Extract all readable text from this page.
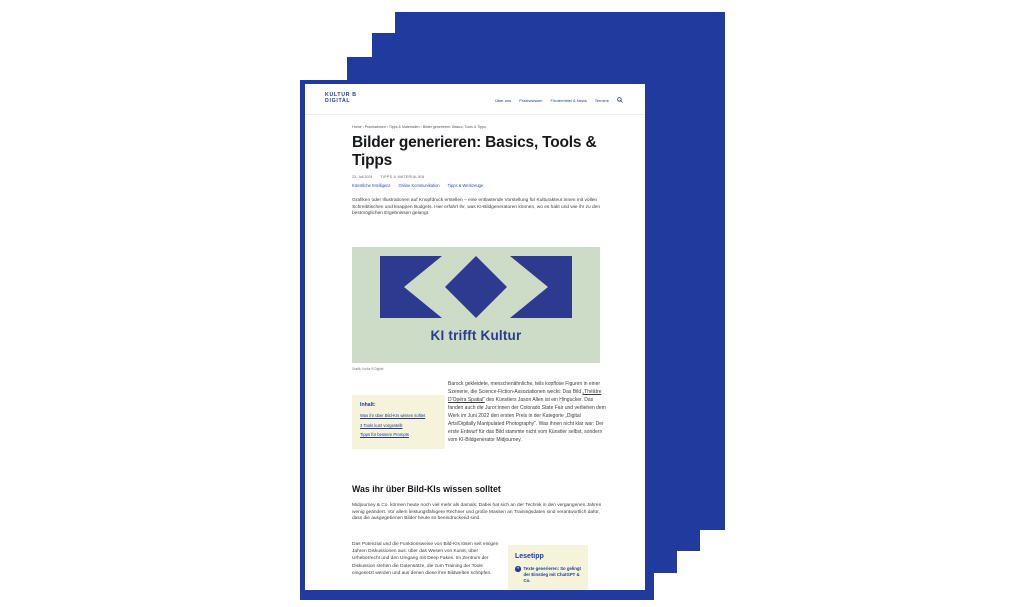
KULTUR B
DIGITAL	Über uns Praxiswissen Fördermittel & News Termine
Home › Praxiswissen › Tipps & Materialien › Bilder generieren: Basics, Tools & Tipps
Bilder generieren: Basics, Tools & Tipps
23. Juli 2024 TIPPS & MATERIALIEN
Künstliche Intelligenz Online Kommunikation Tipps & Werkzeuge

Grafiken oder Illustrationen auf Knopfdruck erstellen – eine entlastende Vorstellung für Kulturakteur:innen mit vollen Schreibtischen und knappen Budgets. Hier erfahrt ihr, was KI-Bildgeneratoren können, wo es hakt und wie ihr zu den bestmöglichen Ergebnissen gelangt.

KI trifft Kultur
Grafik: Kultur B Digital
Inhalt:
Was ihr über Bild-KIs wissen solltet
3 Tools kurz vorgestellt
Tipps für bessere Prompts

Barock gekleidete, menschenähnliche, teils kopflose Figuren in einer Szenerie, die Science-Fiction-Assoziationen weckt: Das Bild „Théâtre D'Opéra Spatial“ des Künstlers Jason Allen ist ein Hingucker. Das fanden auch die Juror:innen der Colorado State Fair und verliehen dem Werk im Juni 2022 den ersten Preis in der Kategorie „Digital Arts/Digitally Manipulated Photography“. Was ihnen nicht klar war: Der erste Entwurf für das Bild stammte nicht vom Künstler selbst, sondern vom KI-Bildgenerator Midjourney.

Was ihr über Bild-KIs wissen solltet

Midjourney & Co. können heute noch viel mehr als damals. Dabei hat sich an der Technik in den vergangenen Jahren wenig geändert. Vor allem leistungsfähigere Rechner und große Massen an Trainingsdaten sind verantwortlich dafür, dass die ausgegebenen Bilder heute so beeindruckend sind.

Das Potenzial und die Funktionsweise von Bild-KIs lösen seit einigen Jahren Diskussionen aus: über das Wesen von Kunst, über Urheberrecht und den Umgang mit Deep Fakes. Im Zentrum der Diskussion stehen die Datensätze, die zum Training der Tools eingesetzt werden und aus denen diese ihre Bildwelten schöpfen.

Lesetipp
➜ Texte generieren: So gelingt der Einstieg mit ChatGPT & Co.
